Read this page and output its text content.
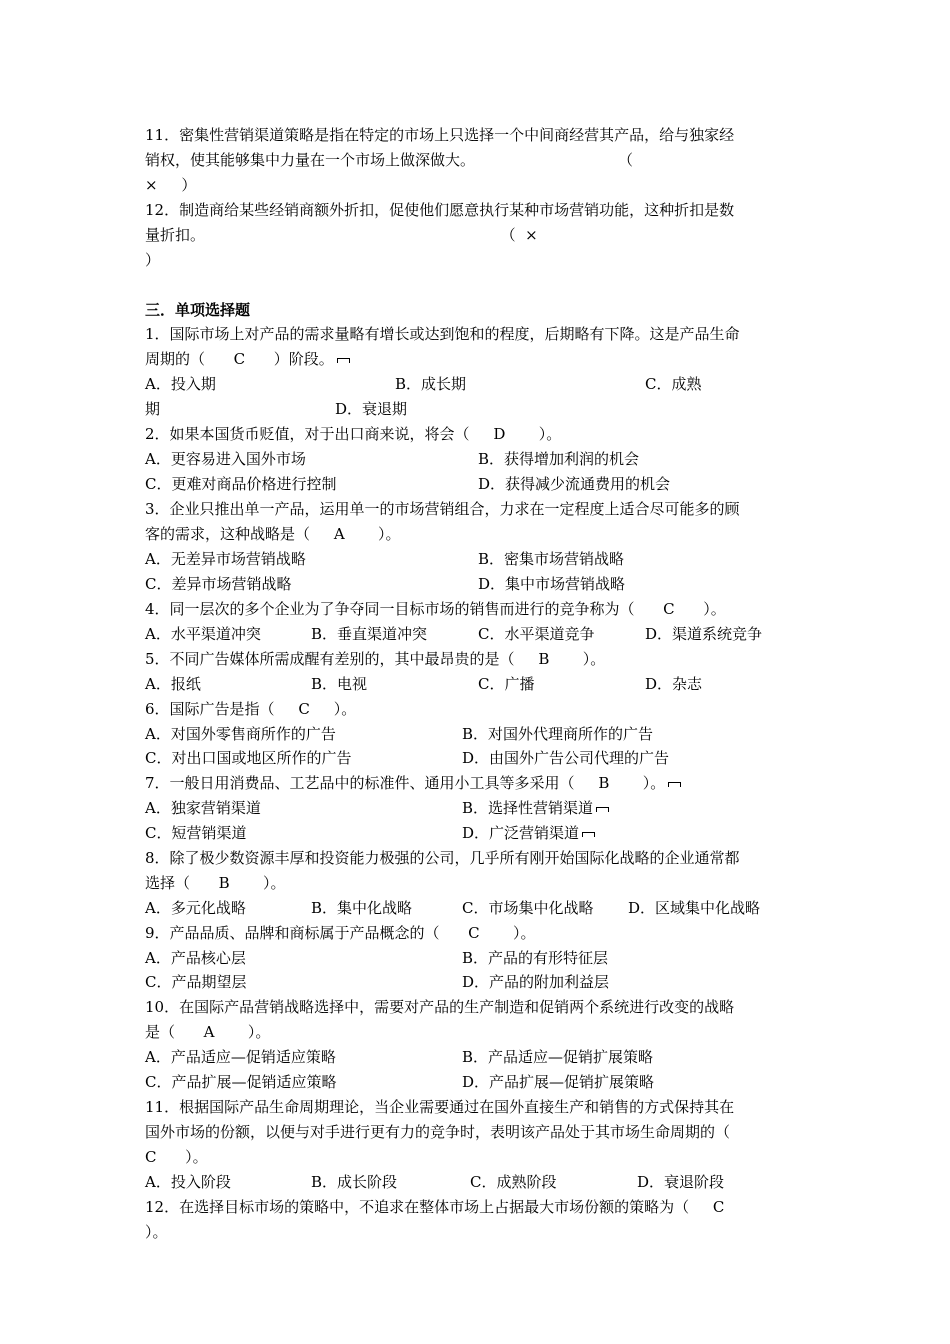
11．密集性营销渠道策略是指在特定的市场上只选择一个中间商经营其产品，给与独家经
销权，使其能够集中力量在一个市场上做深做大。                              （
×     ）
12．制造商给某些经销商额外折扣，促使他们愿意执行某种市场营销功能，这种折扣是数
量折扣。                                                              （  ×
）
三．单项选择题
1．国际市场上对产品的需求量略有增长或达到饱和的程度，后期略有下降。这是产品生命
周期的（      C      ）阶段。
A．投入期	B．成长期	C．成熟
期	D．衰退期
2．如果本国货币贬值，对于出口商来说，将会（     D       ）。
A．更容易进入国外市场	B．获得增加利润的机会
C．更难对商品价格进行控制	D．获得减少流通费用的机会
3．企业只推出单一产品，运用单一的市场营销组合，力求在一定程度上适合尽可能多的顾
客的需求，这种战略是（     A       ）。
A．无差异市场营销战略	B．密集市场营销战略
C．差异市场营销战略	D．集中市场营销战略
4．同一层次的多个企业为了争夺同一目标市场的销售而进行的竞争称为（      C      ）。
A．水平渠道冲突	B．垂直渠道冲突	C．水平渠道竞争	D．渠道系统竞争
5．不同广告媒体所需成醒有差别的，其中最昂贵的是（     B       ）。
A．报纸	B．电视	C．广播	D．杂志
6．国际广告是指（     C     ）。
A．对国外零售商所作的广告	B．对国外代理商所作的广告
C．对出口国或地区所作的广告	D．由国外广告公司代理的广告
7．一般日用消费品、工艺品中的标准件、通用小工具等多采用（     B       ）。
A．独家营销渠道	B．选择性营销渠道
C．短营销渠道	D．广泛营销渠道
8．除了极少数资源丰厚和投资能力极强的公司，几乎所有刚开始国际化战略的企业通常都
选择（      B       ）。
A．多元化战略	B．集中化战略	C．市场集中化战略 D．区域集中化战略
9．产品品质、品牌和商标属于产品概念的（      C       ）。
A．产品核心层	B．产品的有形特征层
C．产品期望层	D．产品的附加利益层
10．在国际产品营销战略选择中，需要对产品的生产制造和促销两个系统进行改变的战略
是（      A       ）。
A．产品适应—促销适应策略	B．产品适应—促销扩展策略
C．产品扩展—促销适应策略	D．产品扩展—促销扩展策略
11．根据国际产品生命周期理论，当企业需要通过在国外直接生产和销售的方式保持其在
国外市场的份额，以便与对手进行更有力的竞争时，表明该产品处于其市场生命周期的（
C      ）。
A．投入阶段	B．成长阶段	C．成熟阶段	D．衰退阶段
12．在选择目标市场的策略中，不追求在整体市场上占据最大市场份额的策略为（     C
）。
